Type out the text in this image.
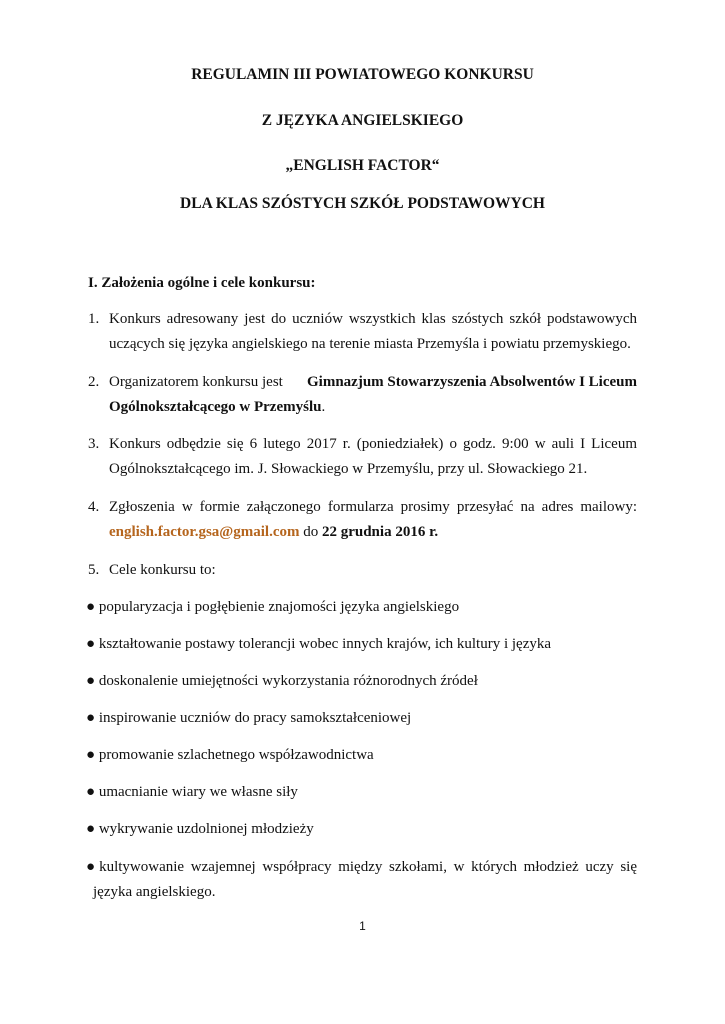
REGULAMIN III POWIATOWEGO KONKURSU
Z JĘZYKA ANGIELSKIEGO
„ENGLISH FACTOR“
DLA KLAS SZÓSTYCH SZKÓŁ PODSTAWOWYCH
I. Założenia ogólne i cele konkursu:
1. Konkurs adresowany jest do uczniów wszystkich klas szóstych szkół podstawowych
uczących się języka angielskiego na terenie miasta Przemyśla i powiatu przemyskiego.
2. Organizatorem konkursu jest Gimnazjum Stowarzyszenia Absolwentów I Liceum
Ogólnokształcącego w Przemyślu.
3. Konkurs odbędzie się 6 lutego 2017 r. (poniedziałek) o godz. 9:00 w auli I Liceum
Ogólnokształcącego im. J. Słowackiego w Przemyślu, przy ul. Słowackiego 21.
4. Zgłoszenia w formie załączonego formularza prosimy przesyłać na adres mailowy:
english.factor.gsa@gmail.com do 22 grudnia 2016 r.
5. Cele konkursu to:
● popularyzacja i pogłębienie znajomości języka angielskiego
● kształtowanie postawy tolerancji wobec innych krajów, ich kultury i języka
● doskonalenie umiejętności wykorzystania różnorodnych źródeł
● inspirowanie uczniów do pracy samokształceniowej
● promowanie szlachetnego współzawodnictwa
● umacnianie wiary we własne siły
● wykrywanie uzdolnionej młodzieży
● kultywowanie wzajemnej współpracy między szkołami, w których młodzież uczy się
języka angielskiego.
1
